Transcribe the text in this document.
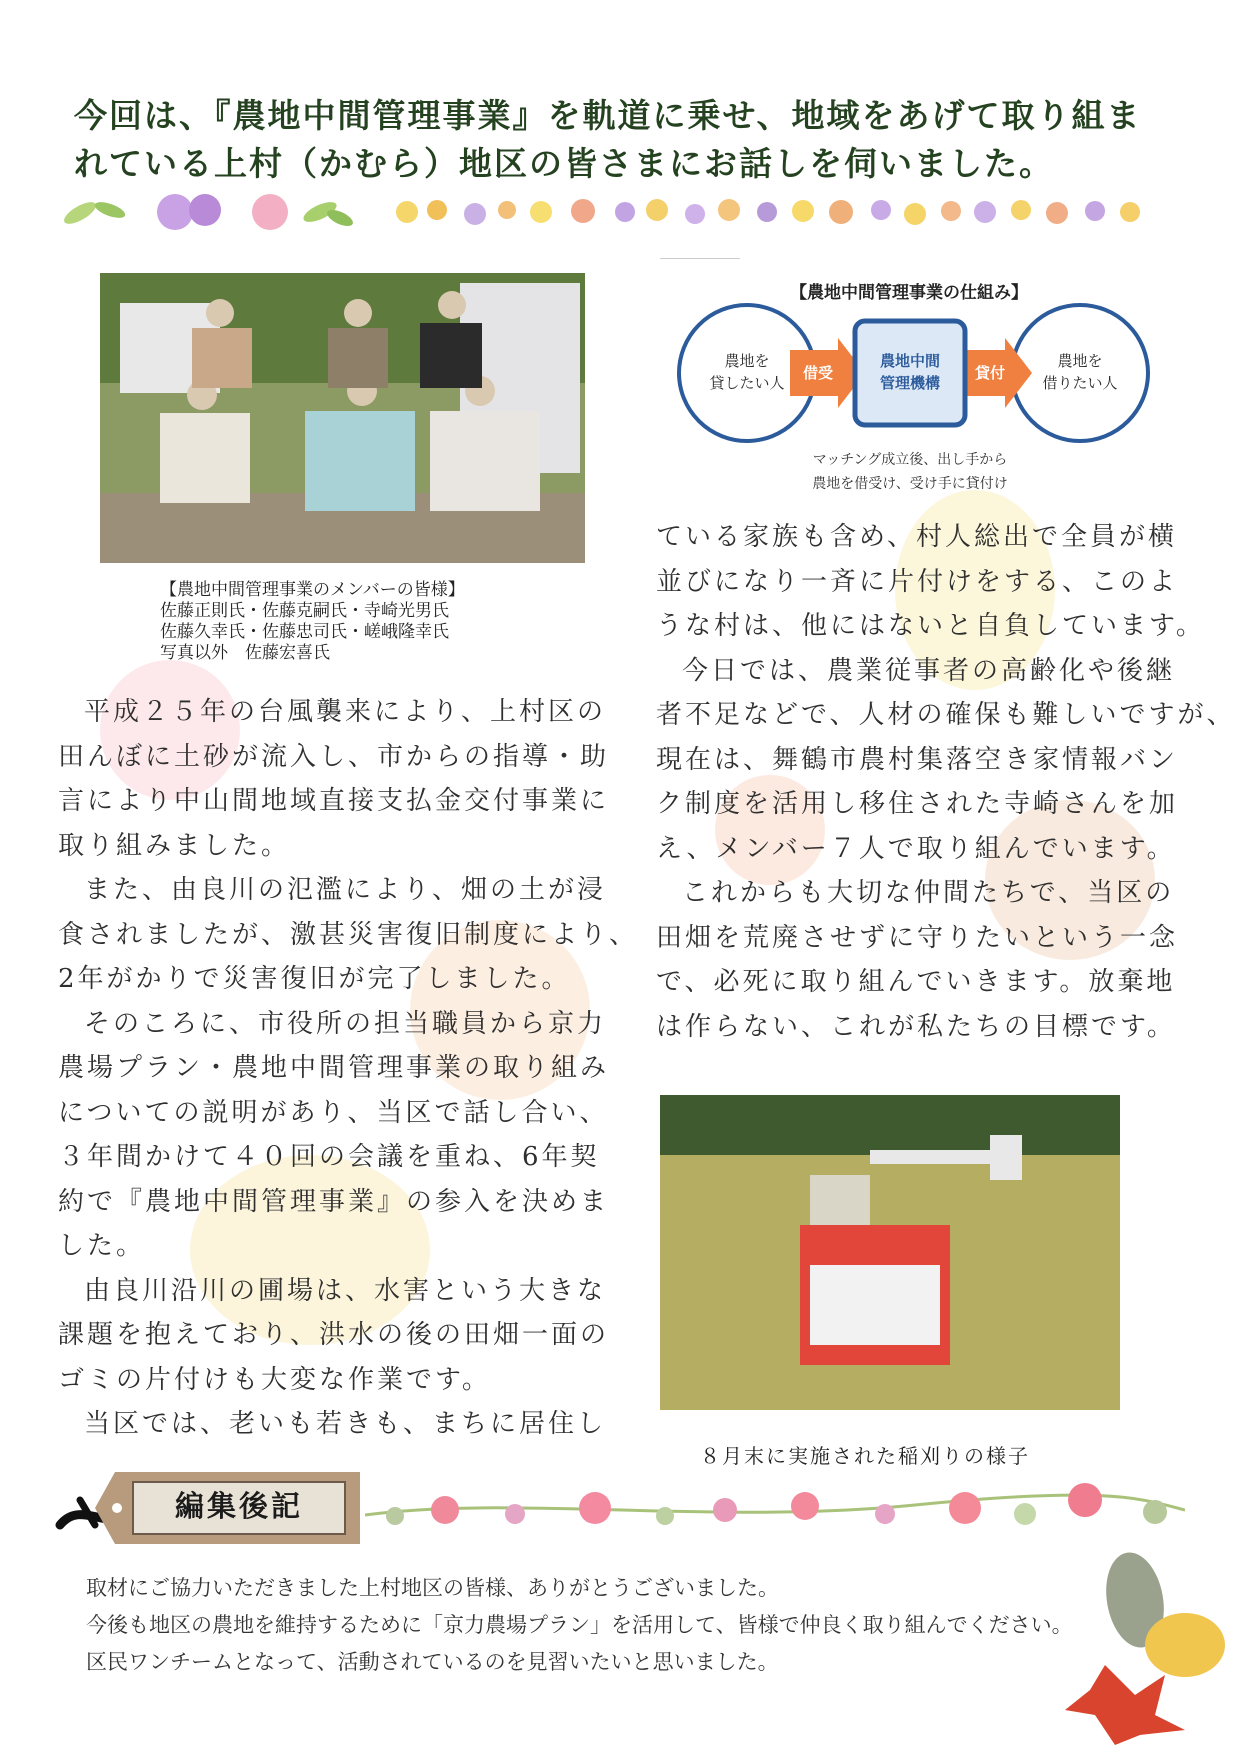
今回は、『農地中間管理事業』を軌道に乗せ、地域をあげて取り組ま
れている上村（かむら）地区の皆さまにお話しを伺いました。
【農地中間管理事業のメンバーの皆様】
佐藤正則氏・佐藤克嗣氏・寺崎光男氏
佐藤久幸氏・佐藤忠司氏・嵯峨隆幸氏
写真以外　佐藤宏喜氏
【農地中間管理事業の仕組み】
農地を
貸したい人
借受
農地中間
管理機構
貸付
農地を
借りたい人
マッチング成立後、出し手から
農地を借受け、受け手に貸付け

平成２５年の台風襲来により、上村区の

田んぼに土砂が流入し、市からの指導・助
言により中山間地域直接支払金交付事業に
取り組みました。

また、由良川の氾濫により、畑の土が浸

食されましたが、激甚災害復旧制度により、
2年がかりで災害復旧が完了しました。

そのころに、市役所の担当職員から京力

農場プラン・農地中間管理事業の取り組み
についての説明があり、当区で話し合い、
３年間かけて４０回の会議を重ね、6年契
約で『農地中間管理事業』の参入を決めま
した。

由良川沿川の圃場は、水害という大きな

課題を抱えており、洪水の後の田畑一面の
ゴミの片付けも大変な作業です。

当区では、老いも若きも、まちに居住し

ている家族も含め、村人総出で全員が横
並びになり一斉に片付けをする、このよ
うな村は、他にはないと自負しています。

今日では、農業従事者の高齢化や後継

者不足などで、人材の確保も難しいですが、
現在は、舞鶴市農村集落空き家情報バン
ク制度を活用し移住された寺崎さんを加
え、メンバー７人で取り組んでいます。

これからも大切な仲間たちで、当区の

田畑を荒廃させずに守りたいという一念
で、必死に取り組んでいきます。放棄地
は作らない、これが私たちの目標です。

８月末に実施された稲刈りの様子
編集後記
取材にご協力いただきました上村地区の皆様、ありがとうございました。
今後も地区の農地を維持するために「京力農場プラン」を活用して、皆様で仲良く取り組んでください。
区民ワンチームとなって、活動されているのを見習いたいと思いました。
